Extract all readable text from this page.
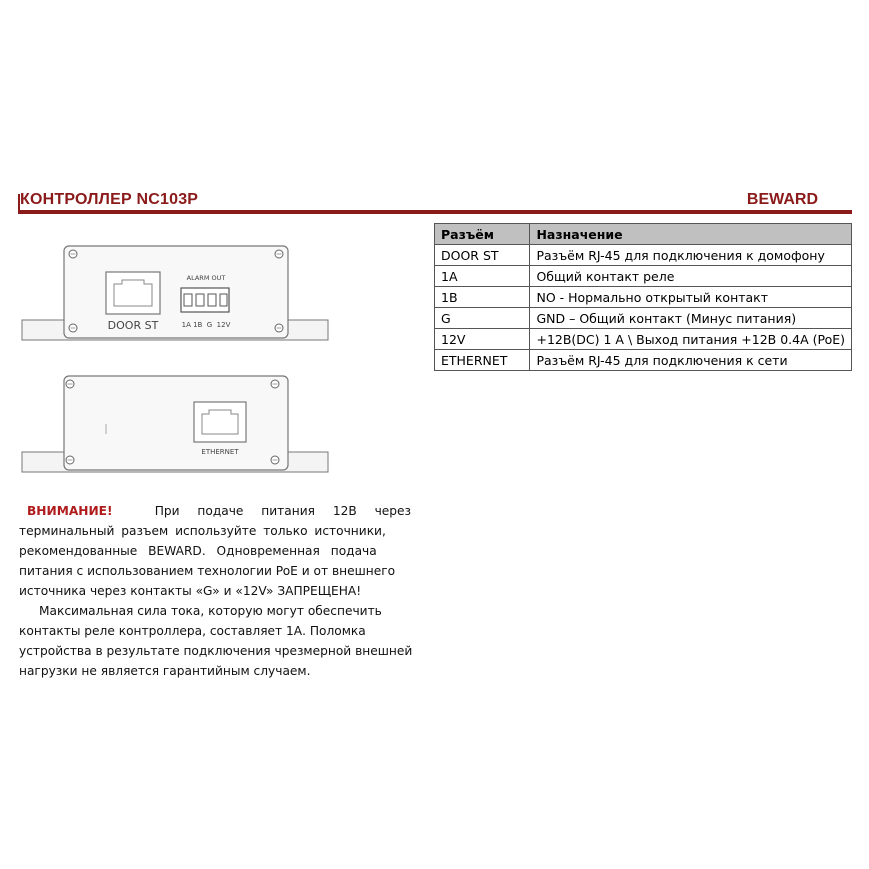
КОНТРОЛЛЕР NC103P	BEWARD
DOOR ST
ALARM OUT
1A 1B  G  12V
ETHERNET
Разъём	Назначение
DOOR ST	Разъём RJ-45 для подключения к домофону
1A	Общий контакт реле
1B	NO - Нормально открытый контакт
G	GND – Общий контакт (Минус питания)
12V	+12В(DC) 1 A \ Выход питания +12В 0.4А (PoE)
ETHERNET	Разъём RJ-45 для подключения к сети
ВНИМАНИЕ!	При подаче питания 12В через
терминальный разъем используйте только источники,
рекомендованные BEWARD. Одновременная подача
питания с использованием технологии PoE и от внешнего
источника через контакты «G» и «12V» ЗАПРЕЩЕНА!
Максимальная сила тока, которую могут обеспечить
контакты реле контроллера, составляет 1А. Поломка
устройства в результате подключения чрезмерной внешней
нагрузки не является гарантийным случаем.
